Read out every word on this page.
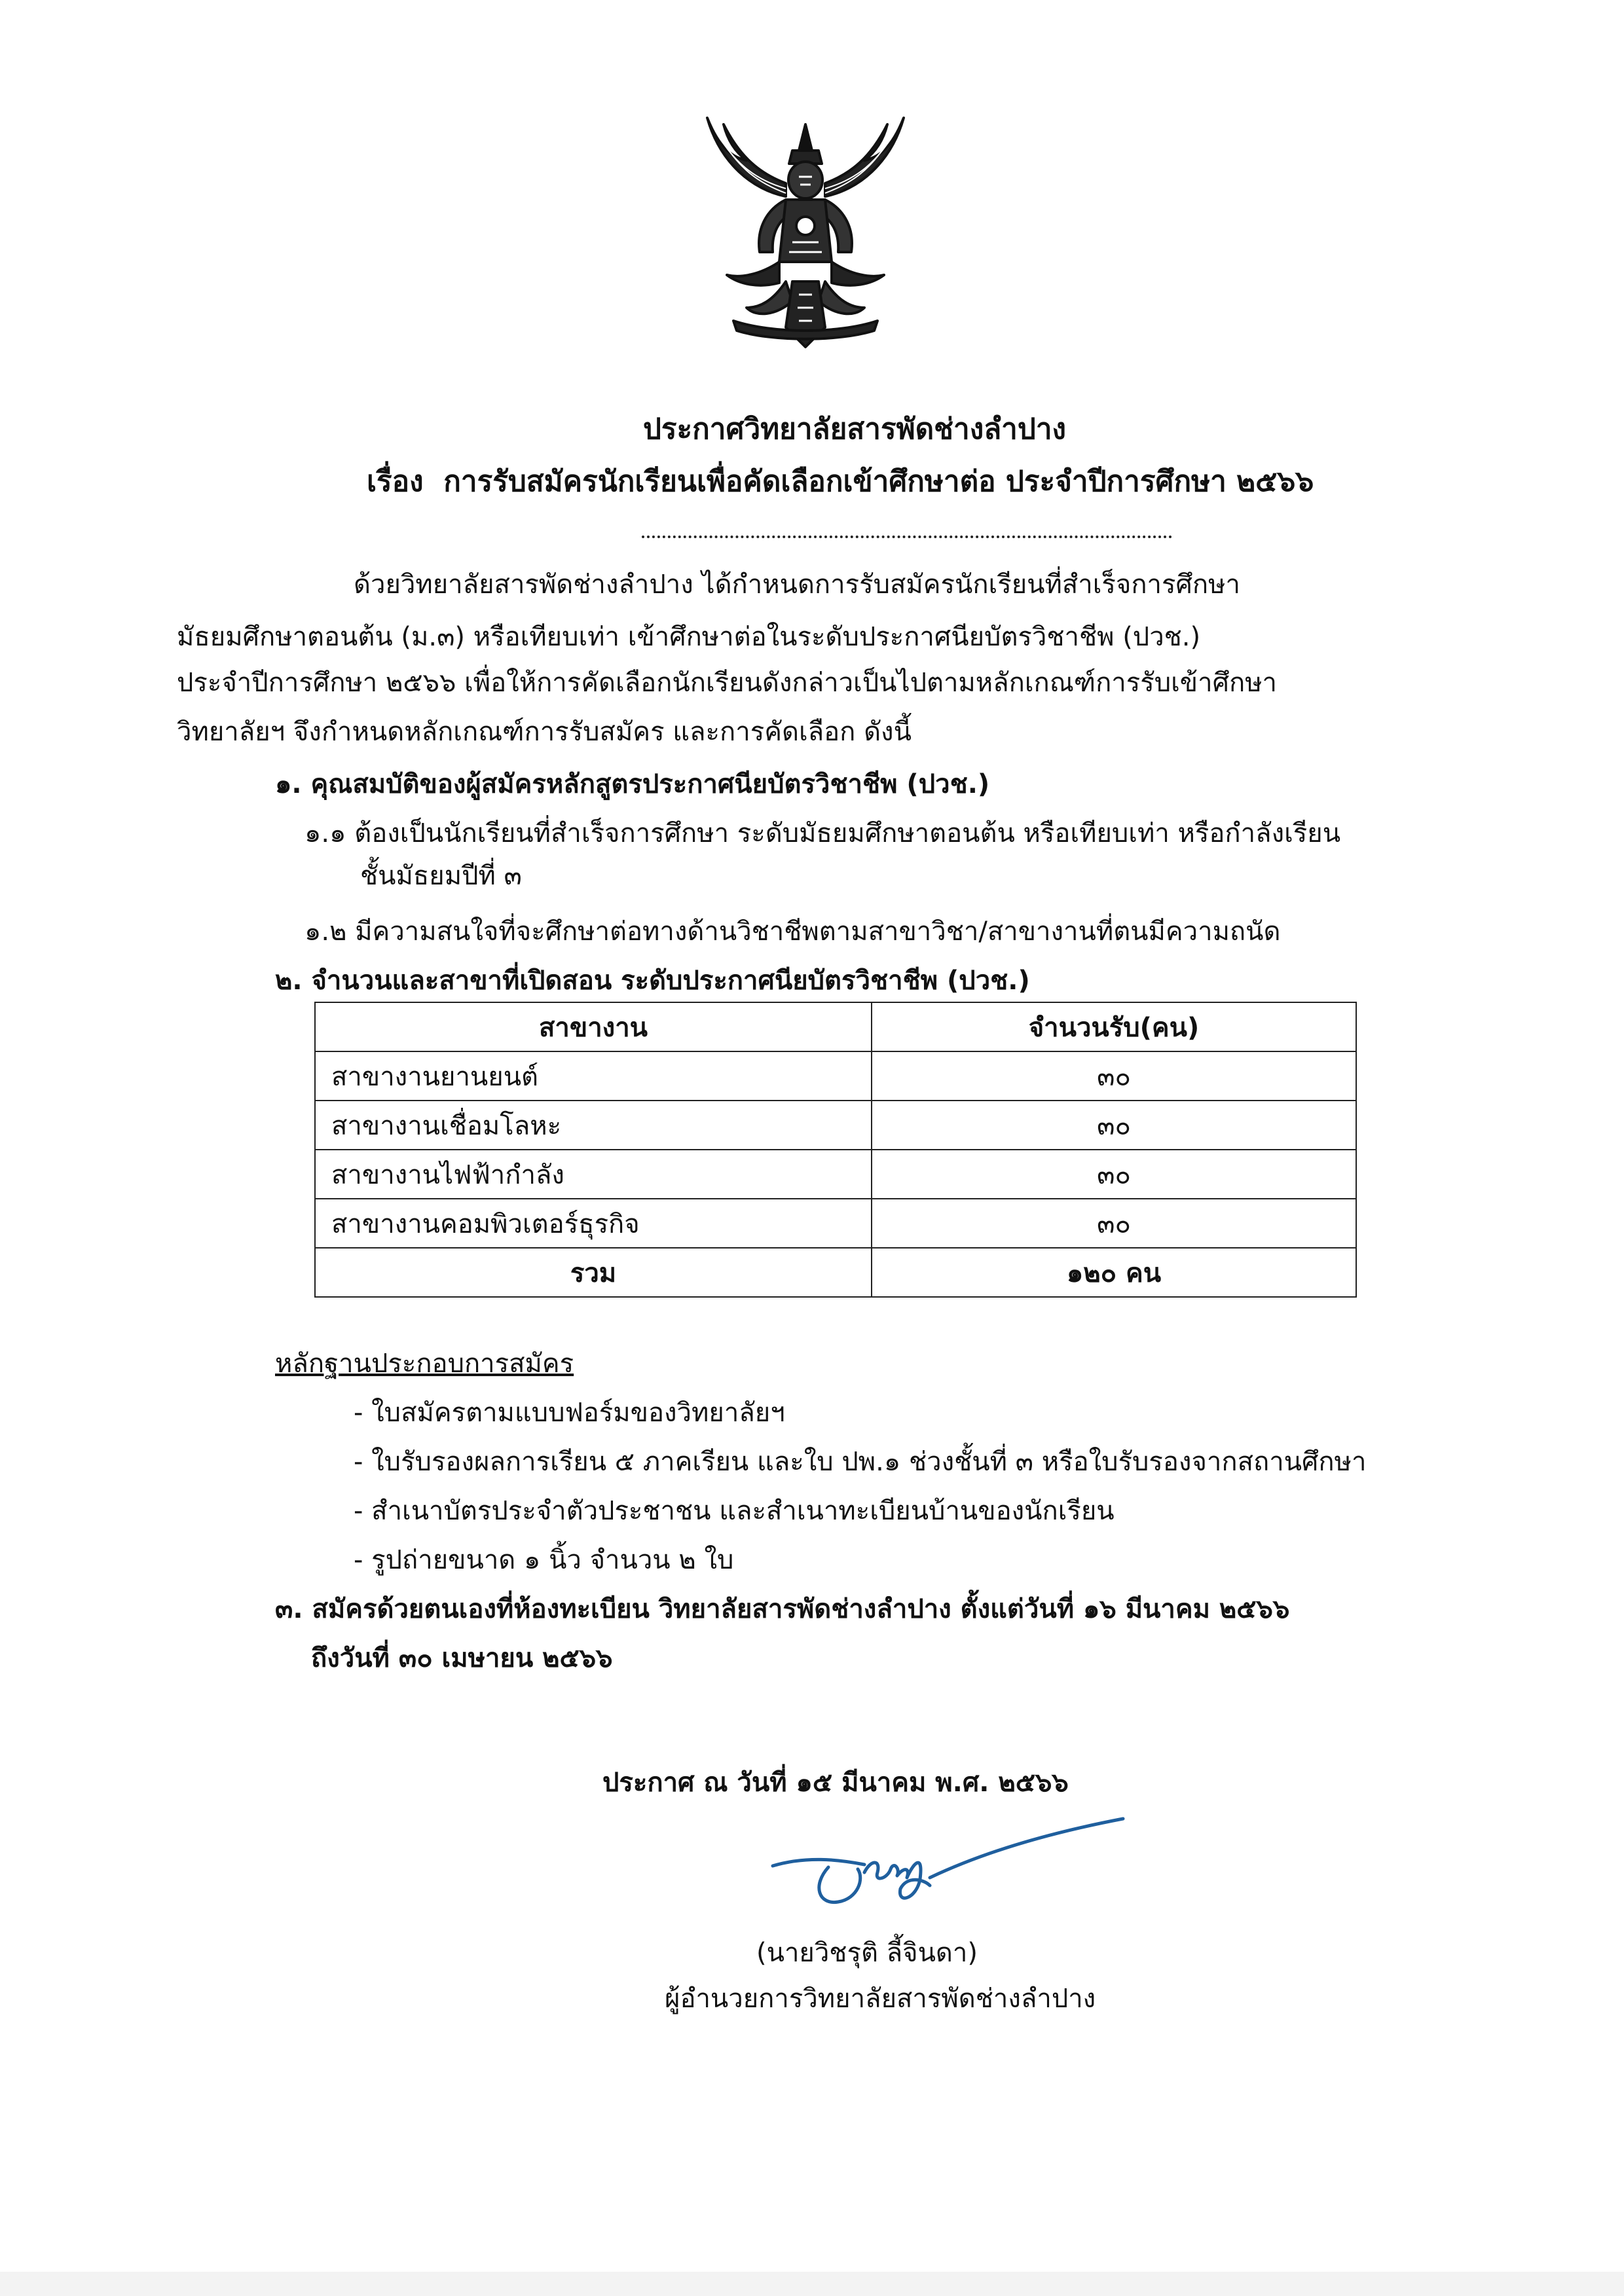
ประกาศวิทยาลัยสารพัดช่างลำปาง
เรื่อง การรับสมัครนักเรียนเพื่อคัดเลือกเข้าศึกษาต่อ ประจำปีการศึกษา ๒๕๖๖
ด้วยวิทยาลัยสารพัดช่างลำปาง ได้กำหนดการรับสมัครนักเรียนที่สำเร็จการศึกษา
มัธยมศึกษาตอนต้น (ม.๓) หรือเทียบเท่า เข้าศึกษาต่อในระดับประกาศนียบัตรวิชาชีพ (ปวช.)
ประจำปีการศึกษา ๒๕๖๖ เพื่อให้การคัดเลือกนักเรียนดังกล่าวเป็นไปตามหลักเกณฑ์การรับเข้าศึกษา
วิทยาลัยฯ จึงกำหนดหลักเกณฑ์การรับสมัคร และการคัดเลือก ดังนี้
๑. คุณสมบัติของผู้สมัครหลักสูตรประกาศนียบัตรวิชาชีพ (ปวช.)
๑.๑ ต้องเป็นนักเรียนที่สำเร็จการศึกษา ระดับมัธยมศึกษาตอนต้น หรือเทียบเท่า หรือกำลังเรียน
ชั้นมัธยมปีที่ ๓
๑.๒ มีความสนใจที่จะศึกษาต่อทางด้านวิชาชีพตามสาขาวิชา/สาขางานที่ตนมีความถนัด
๒. จำนวนและสาขาที่เปิดสอน ระดับประกาศนียบัตรวิชาชีพ (ปวช.)
สาขางาน	จำนวนรับ(คน)
สาขางานยานยนต์	๓๐
สาขางานเชื่อมโลหะ	๓๐
สาขางานไฟฟ้ากำลัง	๓๐
สาขางานคอมพิวเตอร์ธุรกิจ	๓๐
รวม	๑๒๐ คน
หลักฐานประกอบการสมัคร
- ใบสมัครตามแบบฟอร์มของวิทยาลัยฯ
- ใบรับรองผลการเรียน ๕ ภาคเรียน และใบ ปพ.๑ ช่วงชั้นที่ ๓ หรือใบรับรองจากสถานศึกษา
- สำเนาบัตรประจำตัวประชาชน และสำเนาทะเบียนบ้านของนักเรียน
- รูปถ่ายขนาด ๑ นิ้ว จำนวน ๒ ใบ
๓. สมัครด้วยตนเองที่ห้องทะเบียน วิทยาลัยสารพัดช่างลำปาง ตั้งแต่วันที่ ๑๖ มีนาคม ๒๕๖๖
ถึงวันที่ ๓๐ เมษายน ๒๕๖๖
ประกาศ ณ วันที่ ๑๕ มีนาคม พ.ศ. ๒๕๖๖
(นายวิชรุติ ลี้จินดา)
ผู้อำนวยการวิทยาลัยสารพัดช่างลำปาง
